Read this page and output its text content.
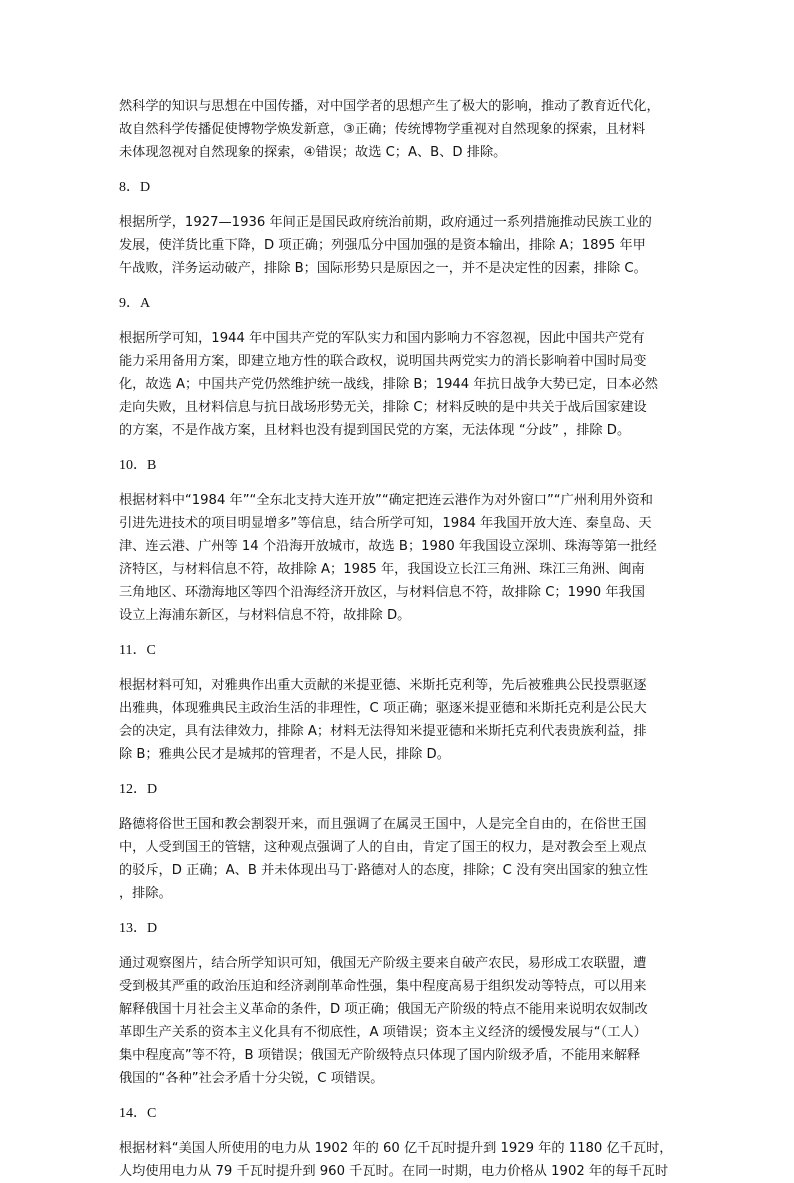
然科学的知识与思想在中国传播，对中国学者的思想产生了极大的影响，推动了教育近代化，

故自然科学传播促使博物学焕发新意，③正确；传统博物学重视对自然现象的探索，且材料

未体现忽视对自然现象的探索，④错误；故选 C；A、B、D 排除。

8．D

根据所学，1927—1936 年间正是国民政府统治前期，政府通过一系列措施推动民族工业的

发展，使洋货比重下降，D 项正确；列强瓜分中国加强的是资本输出，排除 A；1895 年甲

午战败，洋务运动破产，排除 B；国际形势只是原因之一，并不是决定性的因素，排除 C。

9．A

根据所学可知，1944 年中国共产党的军队实力和国内影响力不容忽视，因此中国共产党有

能力采用备用方案，即建立地方性的联合政权，说明国共两党实力的消长影响着中国时局变

化，故选 A；中国共产党仍然维护统一战线，排除 B；1944 年抗日战争大势已定，日本必然

走向失败，且材料信息与抗日战场形势无关，排除 C；材料反映的是中共关于战后国家建设

的方案，不是作战方案，且材料也没有提到国民党的方案，无法体现 “分歧” ，排除 D。

10．B

根据材料中“1984 年”“全东北支持大连开放”“确定把连云港作为对外窗口”“广州利用外资和

引进先进技术的项目明显增多”等信息，结合所学可知，1984 年我国开放大连、秦皇岛、天

津、连云港、广州等 14 个沿海开放城市，故选 B；1980 年我国设立深圳、珠海等第一批经

济特区，与材料信息不符，故排除 A；1985 年，我国设立长江三角洲、珠江三角洲、闽南

三角地区、环渤海地区等四个沿海经济开放区，与材料信息不符，故排除 C；1990 年我国

设立上海浦东新区，与材料信息不符，故排除 D。

11．C

根据材料可知，对雅典作出重大贡献的米提亚德、米斯托克利等，先后被雅典公民投票驱逐

出雅典，体现雅典民主政治生活的非理性，C 项正确；驱逐米提亚德和米斯托克利是公民大

会的决定，具有法律效力，排除 A；材料无法得知米提亚德和米斯托克利代表贵族利益，排

除 B；雅典公民才是城邦的管理者，不是人民，排除 D。

12．D

路德将俗世王国和教会割裂开来，而且强调了在属灵王国中，人是完全自由的，在俗世王国

中，人受到国王的管辖，这种观点强调了人的自由，肯定了国王的权力，是对教会至上观点

的驳斥，D 正确；A、B 并未体现出马丁·路德对人的态度，排除；C 没有突出国家的独立性

，排除。

13．D

通过观察图片，结合所学知识可知，俄国无产阶级主要来自破产农民，易形成工农联盟，遭

受到极其严重的政治压迫和经济剥削革命性强，集中程度高易于组织发动等特点，可以用来

解释俄国十月社会主义革命的条件，D 项正确；俄国无产阶级的特点不能用来说明农奴制改

革即生产关系的资本主义化具有不彻底性，A 项错误；资本主义经济的缓慢发展与“（工人）

集中程度高”等不符，B 项错误；俄国无产阶级特点只体现了国内阶级矛盾，不能用来解释

俄国的“各种”社会矛盾十分尖锐，C 项错误。

14．C

根据材料“美国人所使用的电力从 1902 年的 60 亿千瓦时提升到 1929 年的 1180 亿千瓦时，

人均使用电力从 79 千瓦时提升到 960 千瓦时。在同一时期，电力价格从 1902 年的每千瓦时
